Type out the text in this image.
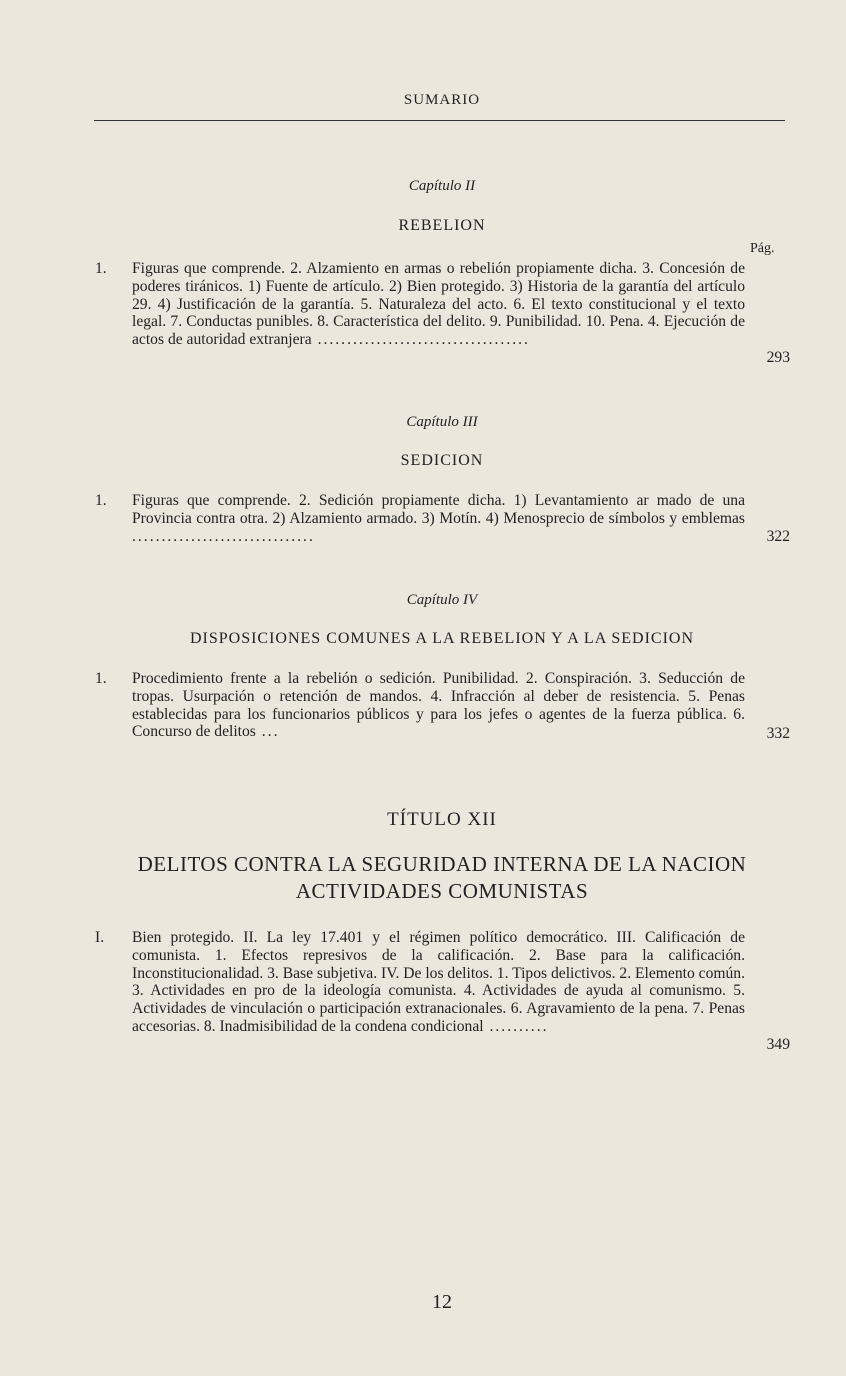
SUMARIO
Capítulo II
REBELION
Pág.
1. Figuras que comprende. 2. Alzamiento en armas o rebelión propiamente dicha. 3. Concesión de poderes tiránicos. 1) Fuente de artículo. 2) Bien protegido. 3) Historia de la garantía del artículo 29. 4) Justificación de la garantía. 5. Naturaleza del acto. 6. El texto constitucional y el texto legal. 7. Conductas punibles. 8. Característica del delito. 9. Punibilidad. 10. Pena. 4. Ejecución de actos de autoridad extranjera ....................................
293
Capítulo III
SEDICION
1. Figuras que comprende. 2. Sedición propiamente dicha. 1) Levantamiento ar mado de una Provincia contra otra. 2) Alzamiento armado. 3) Motín. 4) Menosprecio de símbolos y emblemas ...............................	322
Capítulo IV
DISPOSICIONES COMUNES A LA REBELION Y A LA SEDICION
1. Procedimiento frente a la rebelión o sedición. Punibilidad. 2. Conspiración. 3. Seducción de tropas. Usurpación o retención de mandos. 4. Infracción al deber de resistencia. 5. Penas establecidas para los funcionarios públicos y para los jefes o agentes de la fuerza pública. 6. Concurso de delitos ...	332
TÍTULO XII
DELITOS CONTRA LA SEGURIDAD INTERNA DE LA NACION
ACTIVIDADES COMUNISTAS
I. Bien protegido. II. La ley 17.401 y el régimen político democrático. III. Calificación de comunista. 1. Efectos represivos de la calificación. 2. Base para la calificación. Inconstitucionalidad. 3. Base subjetiva. IV. De los delitos. 1. Tipos delictivos. 2. Elemento común. 3. Actividades en pro de la ideología comunista. 4. Actividades de ayuda al comunismo. 5. Actividades de vinculación o participación extranacionales. 6. Agravamiento de la pena. 7. Penas accesorias. 8. Inadmisibilidad de la condena condicional ..........
349
12
